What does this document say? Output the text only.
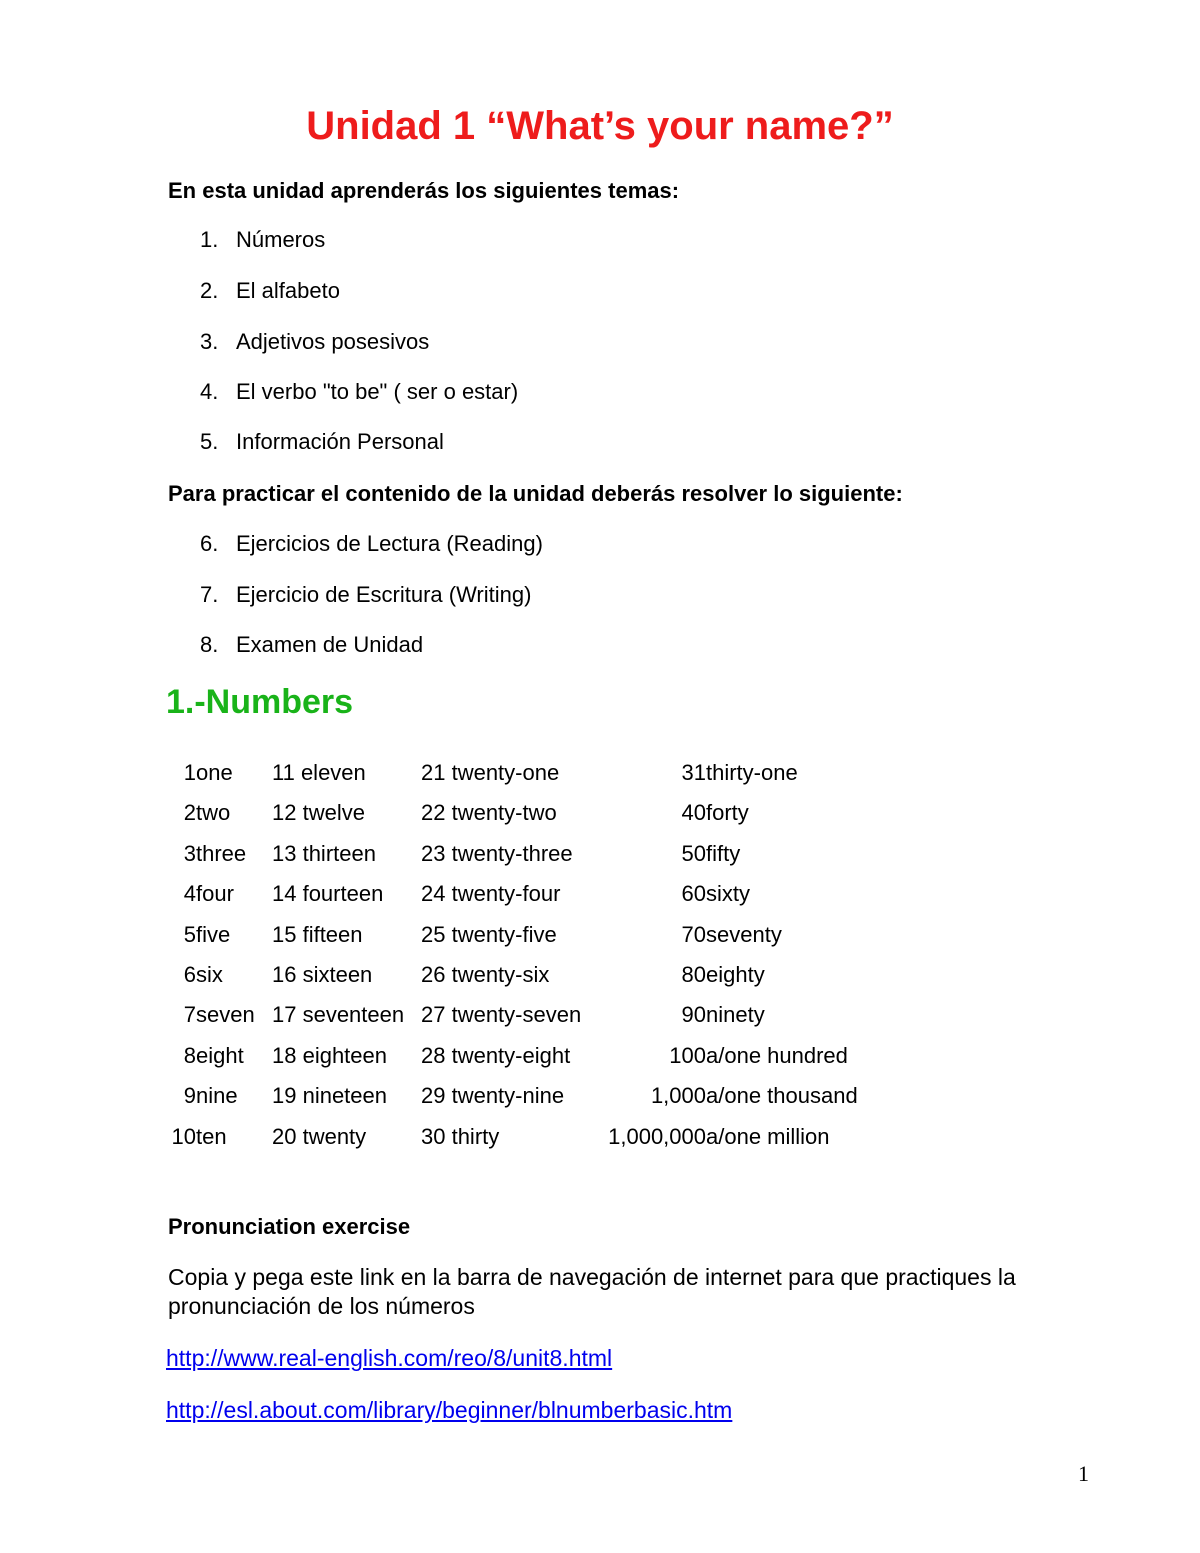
Unidad 1 “What’s your name?”
En esta unidad aprenderás los siguientes temas:
1. Números
2. El alfabeto
3. Adjetivos posesivos
4. El verbo "to be" ( ser o estar)
5. Información Personal
Para practicar el contenido de la unidad deberás resolver lo siguiente:
6. Ejercicios de Lectura (Reading)
7. Ejercicio de Escritura (Writing)
8. Examen de Unidad
1.-Numbers
1 one
2 two
3 three
4 four
5 five
6 six
7 seven
8 eight
9 nine
10 ten
11 eleven
12 twelve
13 thirteen
14 fourteen
15 fifteen
16 sixteen
17 seventeen
18 eighteen
19 nineteen
20 twenty
21 twenty-one
22 twenty-two
23 twenty-three
24 twenty-four
25 twenty-five
26 twenty-six
27 twenty-seven
28 twenty-eight
29 twenty-nine
30 thirty
31 thirty-one
40 forty
50 fifty
60 sixty
70 seventy
80 eighty
90 ninety
100 a/one hundred
1,000 a/one thousand
1,000,000 a/one million
Pronunciation exercise
Copia y pega este link en la barra de navegación de internet para que practiques la pronunciación de los números
http://www.real-english.com/reo/8/unit8.html
http://esl.about.com/library/beginner/blnumberbasic.htm
1
